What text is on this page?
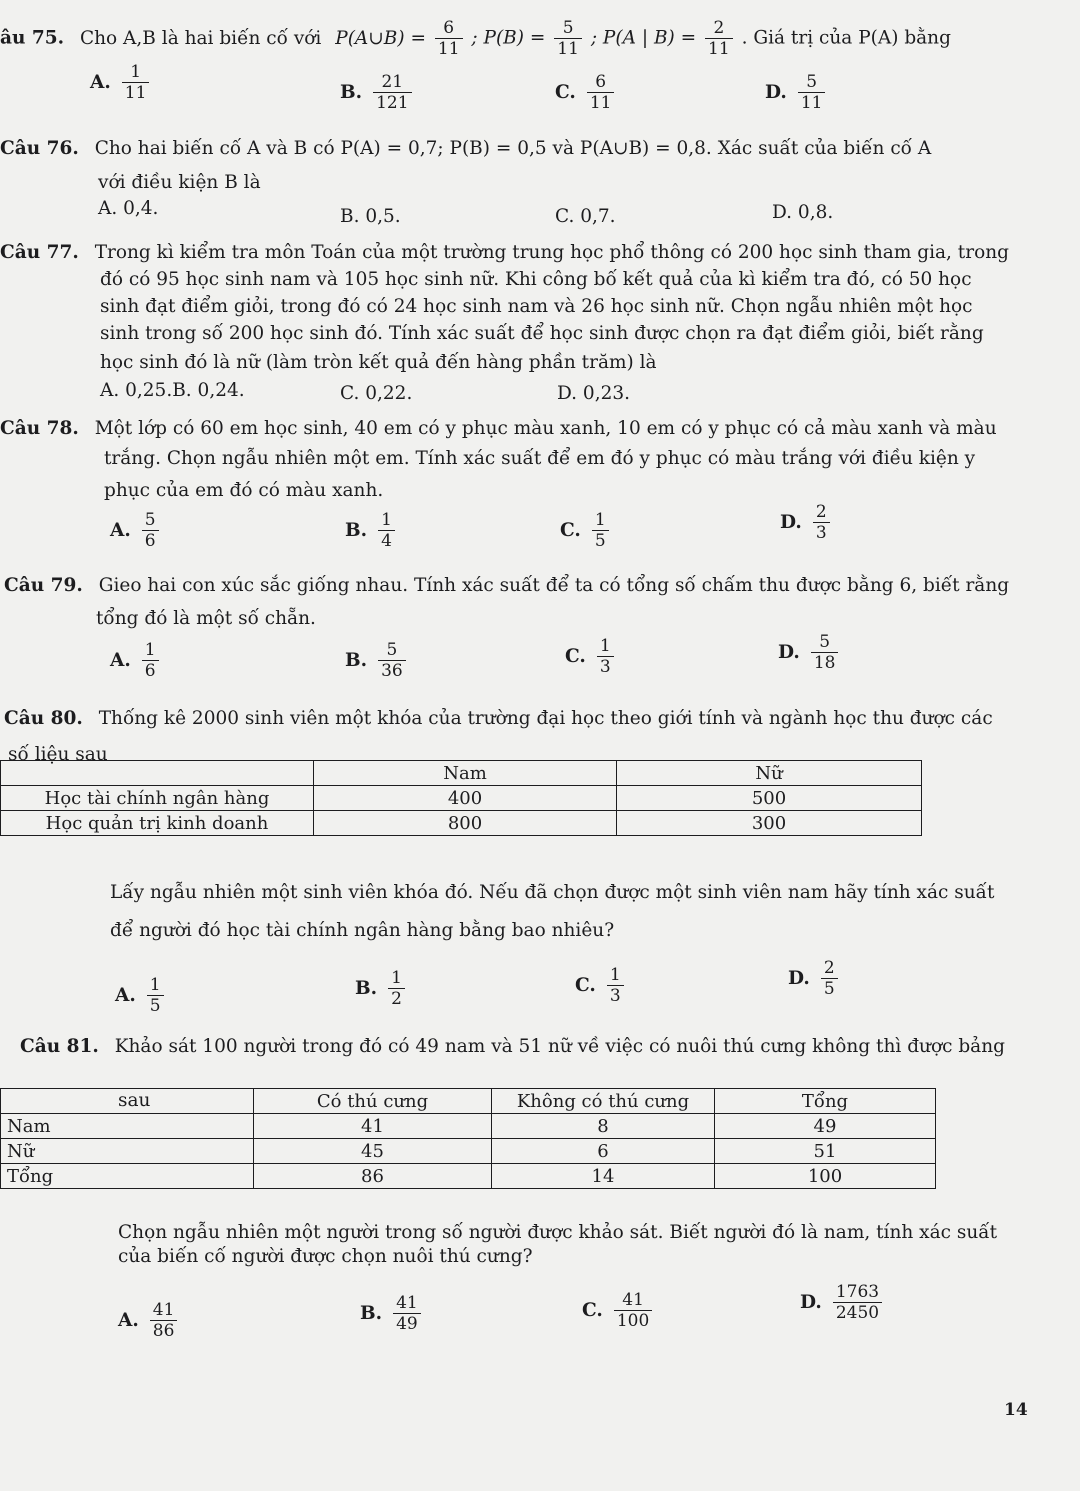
âu 75. Cho A,B là hai biến cố với P(A∪B) = $\frac{6}{11}$ ; $P(B) = \frac{5}{11}$ ; P(A | $B) = \frac{2}{11}$ . Giá trị của P(A) bằng
A. $\frac{1}{11}$	B. $\frac{21}{121}$	C. $\frac{6}{11}$	D. $\frac{5}{11}$
Câu 76. Cho hai biến cố A và B có P(A) = 0,7; P(B) = 0,5 và P(A∪B) = 0,8. Xác suất của biến cố A
với điều kiện B là
A. 0,4.	B. 0,5.	C. 0,7.	D. 0,8.
Câu 77. Trong kì kiểm tra môn Toán của một trường trung học phổ thông có 200 học sinh tham gia, trong
đó có 95 học sinh nam và 105 học sinh nữ. Khi công bố kết quả của kì kiểm tra đó, có 50 học
sinh đạt điểm giỏi, trong đó có 24 học sinh nam và 26 học sinh nữ. Chọn ngẫu nhiên một học
sinh trong số 200 học sinh đó. Tính xác suất để học sinh được chọn ra đạt điểm giỏi, biết rằng
học sinh đó là nữ (làm tròn kết quả đến hàng phần trăm) là
A. 0,25.B. 0,24.	C. 0,22.	D. 0,23.
Câu 78. Một lớp có 60 em học sinh, 40 em có y phục màu xanh, 10 em có y phục có cả màu xanh và màu
trắng. Chọn ngẫu nhiên một em. Tính xác suất để em đó y phục có màu trắng với điều kiện y
phục của em đó có màu xanh.
A. $\frac{5}{6}$	B. $\frac{1}{4}$	C. $\frac{1}{5}$	D. $\frac{2}{3}$
Câu 79. Gieo hai con xúc sắc giống nhau. Tính xác suất để ta có tổng số chấm thu được bằng 6, biết rằng
tổng đó là một số chẵn.
A. $\frac{1}{6}$	B. $\frac{5}{36}$	C. $\frac{1}{3}$	D. $\frac{5}{18}$
Câu 80. Thống kê 2000 sinh viên một khóa của trường đại học theo giới tính và ngành học thu được các
số liệu sau
	Nam	Nữ
Học tài chính ngân hàng	400	500
Học quản trị kinh doanh	800	300
Lấy ngẫu nhiên một sinh viên khóa đó. Nếu đã chọn được một sinh viên nam hãy tính xác suất
để người đó học tài chính ngân hàng bằng bao nhiêu?
A. $\frac{1}{5}$	B. $\frac{1}{2}$	C. $\frac{1}{3}$	D. $\frac{2}{5}$
Câu 81. Khảo sát 100 người trong đó có 49 nam và 51 nữ về việc có nuôi thú cưng không thì được bảng
sau
		Có thú cưng	Không có thú cưng	Tổng
Nam	41	8	49
Nữ	45	6	51
Tổng	86	14	100
Chọn ngẫu nhiên một người trong số người được khảo sát. Biết người đó là nam, tính xác suất
của biến cố người được chọn nuôi thú cưng?
A. $\frac{41}{86}$	B. $\frac{41}{49}$	C. $\frac{41}{100}$	D. $\frac{1763}{2450}$
14
